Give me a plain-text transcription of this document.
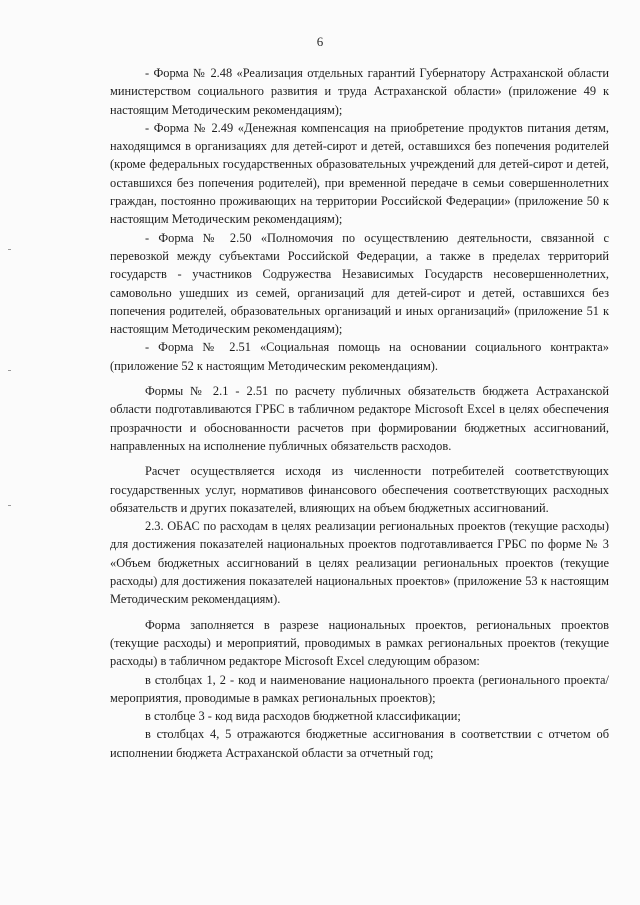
6

- Форма № 2.48 «Реализация отдельных гарантий Губернатору Астраханской области министерством социального развития и труда Астраханской области» (приложение 49 к настоящим Методическим рекомендациям);

- Форма № 2.49 «Денежная компенсация на приобретение продуктов питания детям, находящимся в организациях для детей-сирот и детей, оставшихся без попечения родителей (кроме федеральных государственных образовательных учреждений для детей-сирот и детей, оставшихся без попечения родителей), при временной передаче в семьи совершеннолетних граждан, постоянно проживающих на территории Российской Федерации» (приложение 50 к настоящим Методическим рекомендациям);

- Форма № 2.50 «Полномочия по осуществлению деятельности, связанной с перевозкой между субъектами Российской Федерации, а также в пределах территорий государств - участников Содружества Независимых Государств несовершеннолетних, самовольно ушедших из семей, организаций для детей-сирот и детей, оставшихся без попечения родителей, образовательных организаций и иных организаций» (приложение 51 к настоящим Методическим рекомендациям);

- Форма № 2.51 «Социальная помощь на основании социального контракта» (приложение 52 к настоящим Методическим рекомендациям).

Формы № 2.1 - 2.51 по расчету публичных обязательств бюджета Астраханской области подготавливаются ГРБС в табличном редакторе Microsoft Excel в целях обеспечения прозрачности и обоснованности расчетов при формировании бюджетных ассигнований, направленных на исполнение публичных обязательств расходов.

Расчет осуществляется исходя из численности потребителей соответствующих государственных услуг, нормативов финансового обеспечения соответствующих расходных обязательств и других показателей, влияющих на объем бюджетных ассигнований.

2.3. ОБАС по расходам в целях реализации региональных проектов (текущие расходы) для достижения показателей национальных проектов подготавливается ГРБС по форме № 3 «Объем бюджетных ассигнований в целях реализации региональных проектов (текущие расходы) для достижения показателей национальных проектов» (приложение 53 к настоящим Методическим рекомендациям).

Форма заполняется в разрезе национальных проектов, региональных проектов (текущие расходы) и мероприятий, проводимых в рамках региональных проектов (текущие расходы) в табличном редакторе Microsoft Excel следующим образом:

в столбцах 1, 2 - код и наименование национального проекта (регионального проекта/ мероприятия, проводимые в рамках региональных проектов);

в столбце 3 - код вида расходов бюджетной классификации;

в столбцах 4, 5 отражаются бюджетные ассигнования в соответствии с отчетом об исполнении бюджета Астраханской области за отчетный год;
